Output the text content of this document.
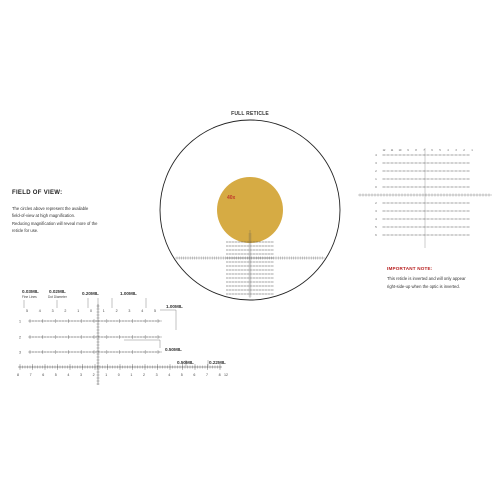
FULL RETICLE
40x
4
3
2
1
0
2
3
4
5
6
12 11 10 9	8	7	6	5	4	3	2	1
5	4	3	2	1	0	1	2	3	4	5
1
2
3
8	7	6	5	4	3	2	1	0	1	2	3	4	5	6	7	8 12
FIELD OF VIEW:
The circles above represent the available
field-of-view at high magnification.
Reducing magnification will reveal more of the
reticle for use.
IMPORTANT NOTE:
This reticle is inverted and will only appear
right-side-up when the optic is inverted.
0.03MIL
Fine Lines
0.02MIL
Dot Diameter
0.20MIL	1.00MIL
1.00MIL
0.50MIL
0.50MIL	0.22MIL
